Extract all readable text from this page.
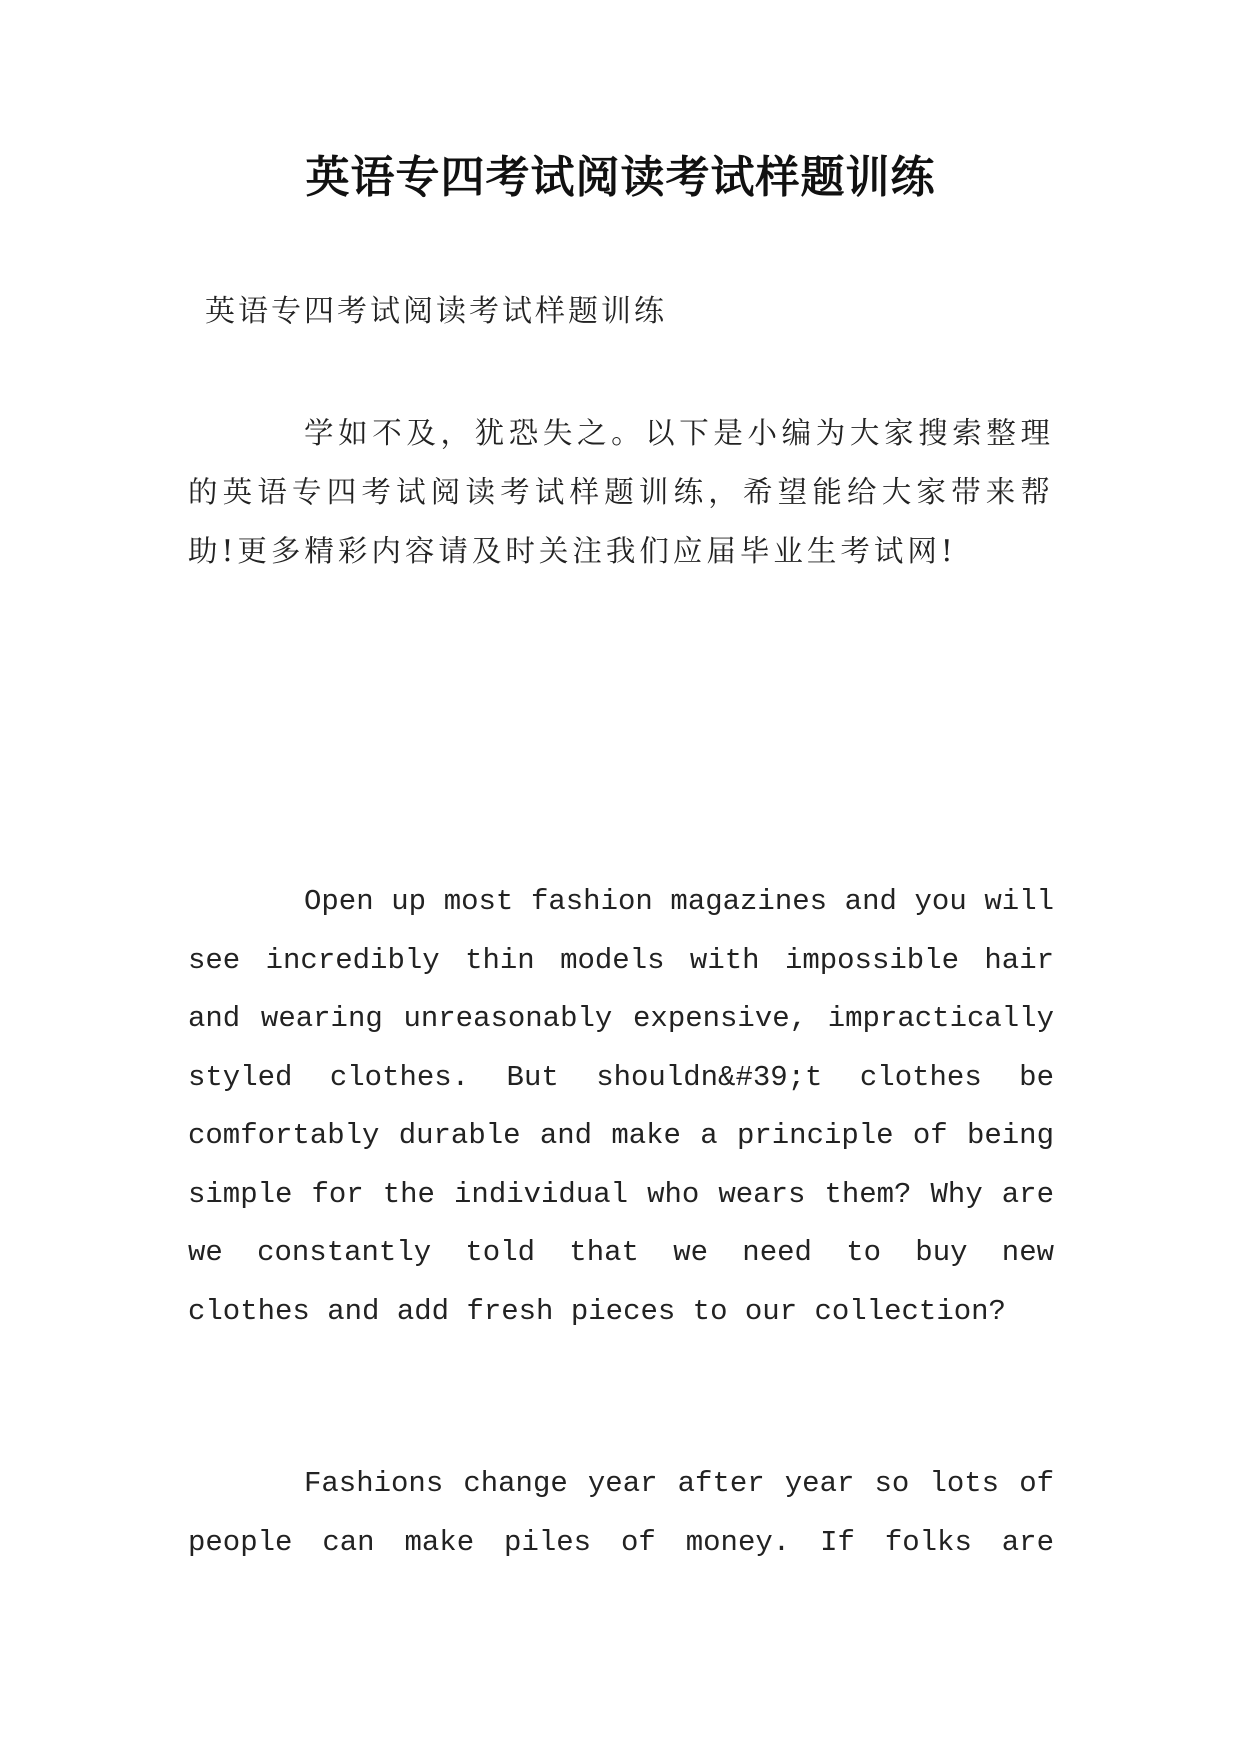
英语专四考试阅读考试样题训练
英语专四考试阅读考试样题训练
学如不及，犹恐失之。以下是小编为大家搜索整理的英语专四考试阅读考试样题训练，希望能给大家带来帮助!更多精彩内容请及时关注我们应届毕业生考试网!
Open up most fashion magazines and you will see incredibly thin models with impossible hair and wearing unreasonably expensive, impractically styled clothes. But shouldn&#39;t clothes be comfortably durable and make a principle of being simple for the individual who wears them? Why are we constantly told that we need to buy new clothes and add fresh pieces to our collection?
Fashions change year after year so lots of people can make piles of money. If folks are
